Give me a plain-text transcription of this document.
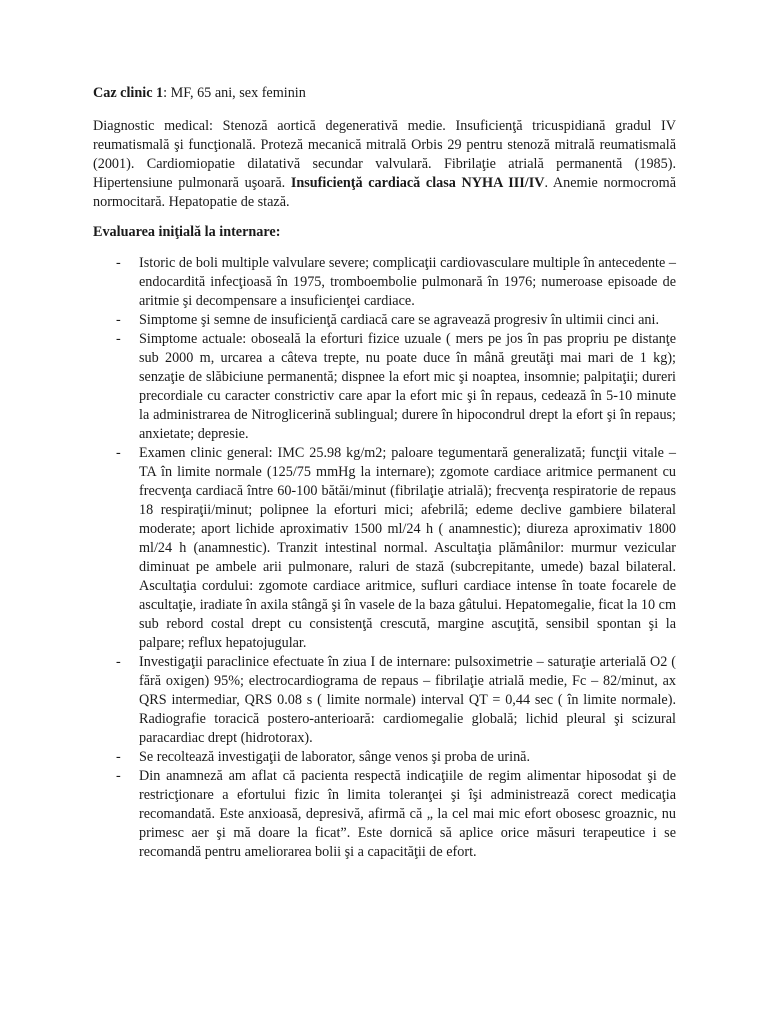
Caz clinic 1: MF, 65 ani, sex feminin

Diagnostic medical: Stenoză aortică degenerativă medie. Insuficienţă tricuspidiană gradul IV reumatismală şi funcţională. Proteză mecanică mitrală Orbis 29 pentru stenoză mitrală reumatismală (2001). Cardiomiopatie dilatativă secundar valvulară. Fibrilaţie atrială permanentă (1985). Hipertensiune pulmonară uşoară. Insuficienţă cardiacă clasa NYHA III/IV. Anemie normocromă normocitară. Hepatopatie de stază.

Evaluarea iniţială la internare:

- Istoric de boli multiple valvulare severe; complicaţii cardiovasculare multiple în antecedente – endocardită infecţioasă în 1975, tromboembolie pulmonară în 1976; numeroase episoade de aritmie şi decompensare a insuficienţei cardiace.
- Simptome şi semne de insuficienţă cardiacă care se agravează progresiv în ultimii cinci ani.
- Simptome actuale: oboseală la eforturi fizice uzuale ( mers pe jos în pas propriu pe distanţe sub 2000 m, urcarea a câteva trepte, nu poate duce în mână greutăţi mai mari de 1 kg); senzaţie de slăbiciune permanentă; dispnee la efort mic şi noaptea, insomnie; palpitaţii; dureri precordiale cu caracter constrictiv care apar la efort mic şi în repaus, cedează în 5-10 minute la administrarea de Nitroglicerină sublingual; durere în hipocondrul drept la efort şi în repaus; anxietate; depresie.
- Examen clinic general: IMC 25.98 kg/m2; paloare tegumentară generalizată; funcţii vitale – TA în limite normale (125/75 mmHg la internare); zgomote cardiace aritmice permanent cu frecvenţa cardiacă între 60-100 bătăi/minut (fibrilaţie atrială); frecvenţa respiratorie de repaus 18 respiraţii/minut; polipnee la eforturi mici; afebrilă; edeme declive gambiere bilateral moderate; aport lichide aproximativ 1500 ml/24 h ( anamnestic); diureza aproximativ 1800 ml/24 h (anamnestic). Tranzit intestinal normal. Ascultaţia plămânilor: murmur vezicular diminuat pe ambele arii pulmonare, raluri de stază (subcrepitante, umede) bazal bilateral. Ascultaţia cordului: zgomote cardiace aritmice, sufluri cardiace intense în toate focarele de ascultaţie, iradiate în axila stângă şi în vasele de la baza gâtului. Hepatomegalie, ficat la 10 cm sub rebord costal drept cu consistenţă crescută, margine ascuţită, sensibil spontan şi la palpare; reflux hepatojugular.
- Investigaţii paraclinice efectuate în ziua I de internare: pulsoximetrie – saturaţie arterială O2 ( fără oxigen) 95%; electrocardiograma de repaus – fibrilaţie atrială medie, Fc – 82/minut, ax QRS intermediar, QRS 0.08 s ( limite normale) interval QT = 0,44 sec ( în limite normale). Radiografie toracică postero-anterioară: cardiomegalie globală; lichid pleural şi scizural paracardiac drept (hidrotorax).
- Se recoltează investigaţii de laborator, sânge venos şi proba de urină.
- Din anamneză am aflat că pacienta respectă indicaţiile de regim alimentar hiposodat şi de restricţionare a efortului fizic în limita toleranţei şi îşi administrează corect medicaţia recomandată. Este anxioasă, depresivă, afirmă că „ la cel mai mic efort obosesc groaznic, nu primesc aer şi mă doare la ficat”. Este dornică să aplice orice măsuri terapeutice i se recomandă pentru ameliorarea bolii şi a capacităţii de efort.
